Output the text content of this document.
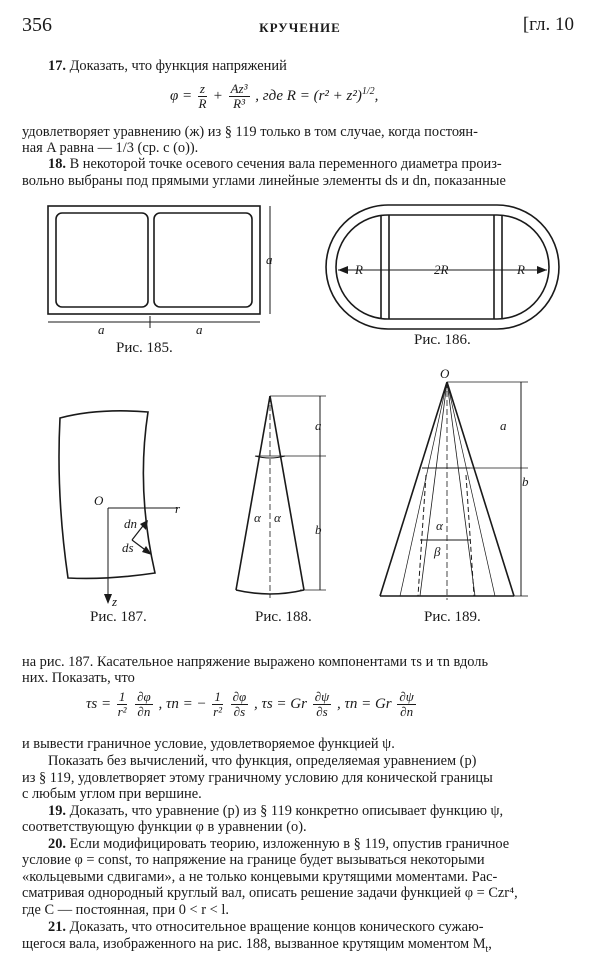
356	КРУЧЕНИЕ	[гл. 10
17. Доказать, что функция напряжений
$\varphi = \frac{z}{R} + \frac{\text{Az³}}{\text{R³}}$ , где $R = (r^2 + z^2)^{1/2}$,
удовлетворяет уравнению (ж) из § 119 только в том случае, когда постоян-
ная A равна — 1/3 (ср. с (о)).
18. В некоторой точке осевого сечения вала переменного диаметра произ-
вольно выбраны под прямыми углами линейные элементы ds и dn, показанные
a
a	a
R	2R	R
O
r
z
dn
ds
a
b
α α
O
a
b
α
β
Рис. 185.	Рис. 186.
Рис. 187.	Рис. 188.	Рис. 189.
на рис. 187. Касательное напряжение выражено компонентами τs и τn вдоль
них. Показать, что
$\tau s = \frac{1}{\text{r²}}$
$\frac{\partial\varphi}{\partial n}$ , τn = − $\frac{1}{\text{r²}}$
$\frac{\partial\varphi}{\partial s}$ , τs = Gr $\frac{\partial\psi}{\partial s}$ , τn = Gr $\frac{\partial\psi}{\partial n}$
и вывести граничное условие, удовлетворяемое функцией ψ.
Показать без вычислений, что функция, определяемая уравнением (р)
из § 119, удовлетворяет этому граничному условию для конической границы
с любым углом при вершине.
19. Доказать, что уравнение (р) из § 119 конкретно описывает функцию ψ,
соответствующую функции φ в уравнении (о).
20. Если модифицировать теорию, изложенную в § 119, опустив граничное
условие φ = const, то напряжение на границе будет вызываться некоторыми
«кольцевыми сдвигами», а не только концевыми крутящими моментами. Рас-
сматривая однородный круглый вал, описать решение задачи функцией φ = Czr⁴,
где C — постоянная, при 0 < r < l.
21. Доказать, что относительное вращение концов конического сужаю-
щегося вала, изображенного на рис. 188, вызванное крутящим моментом $M_t$,
